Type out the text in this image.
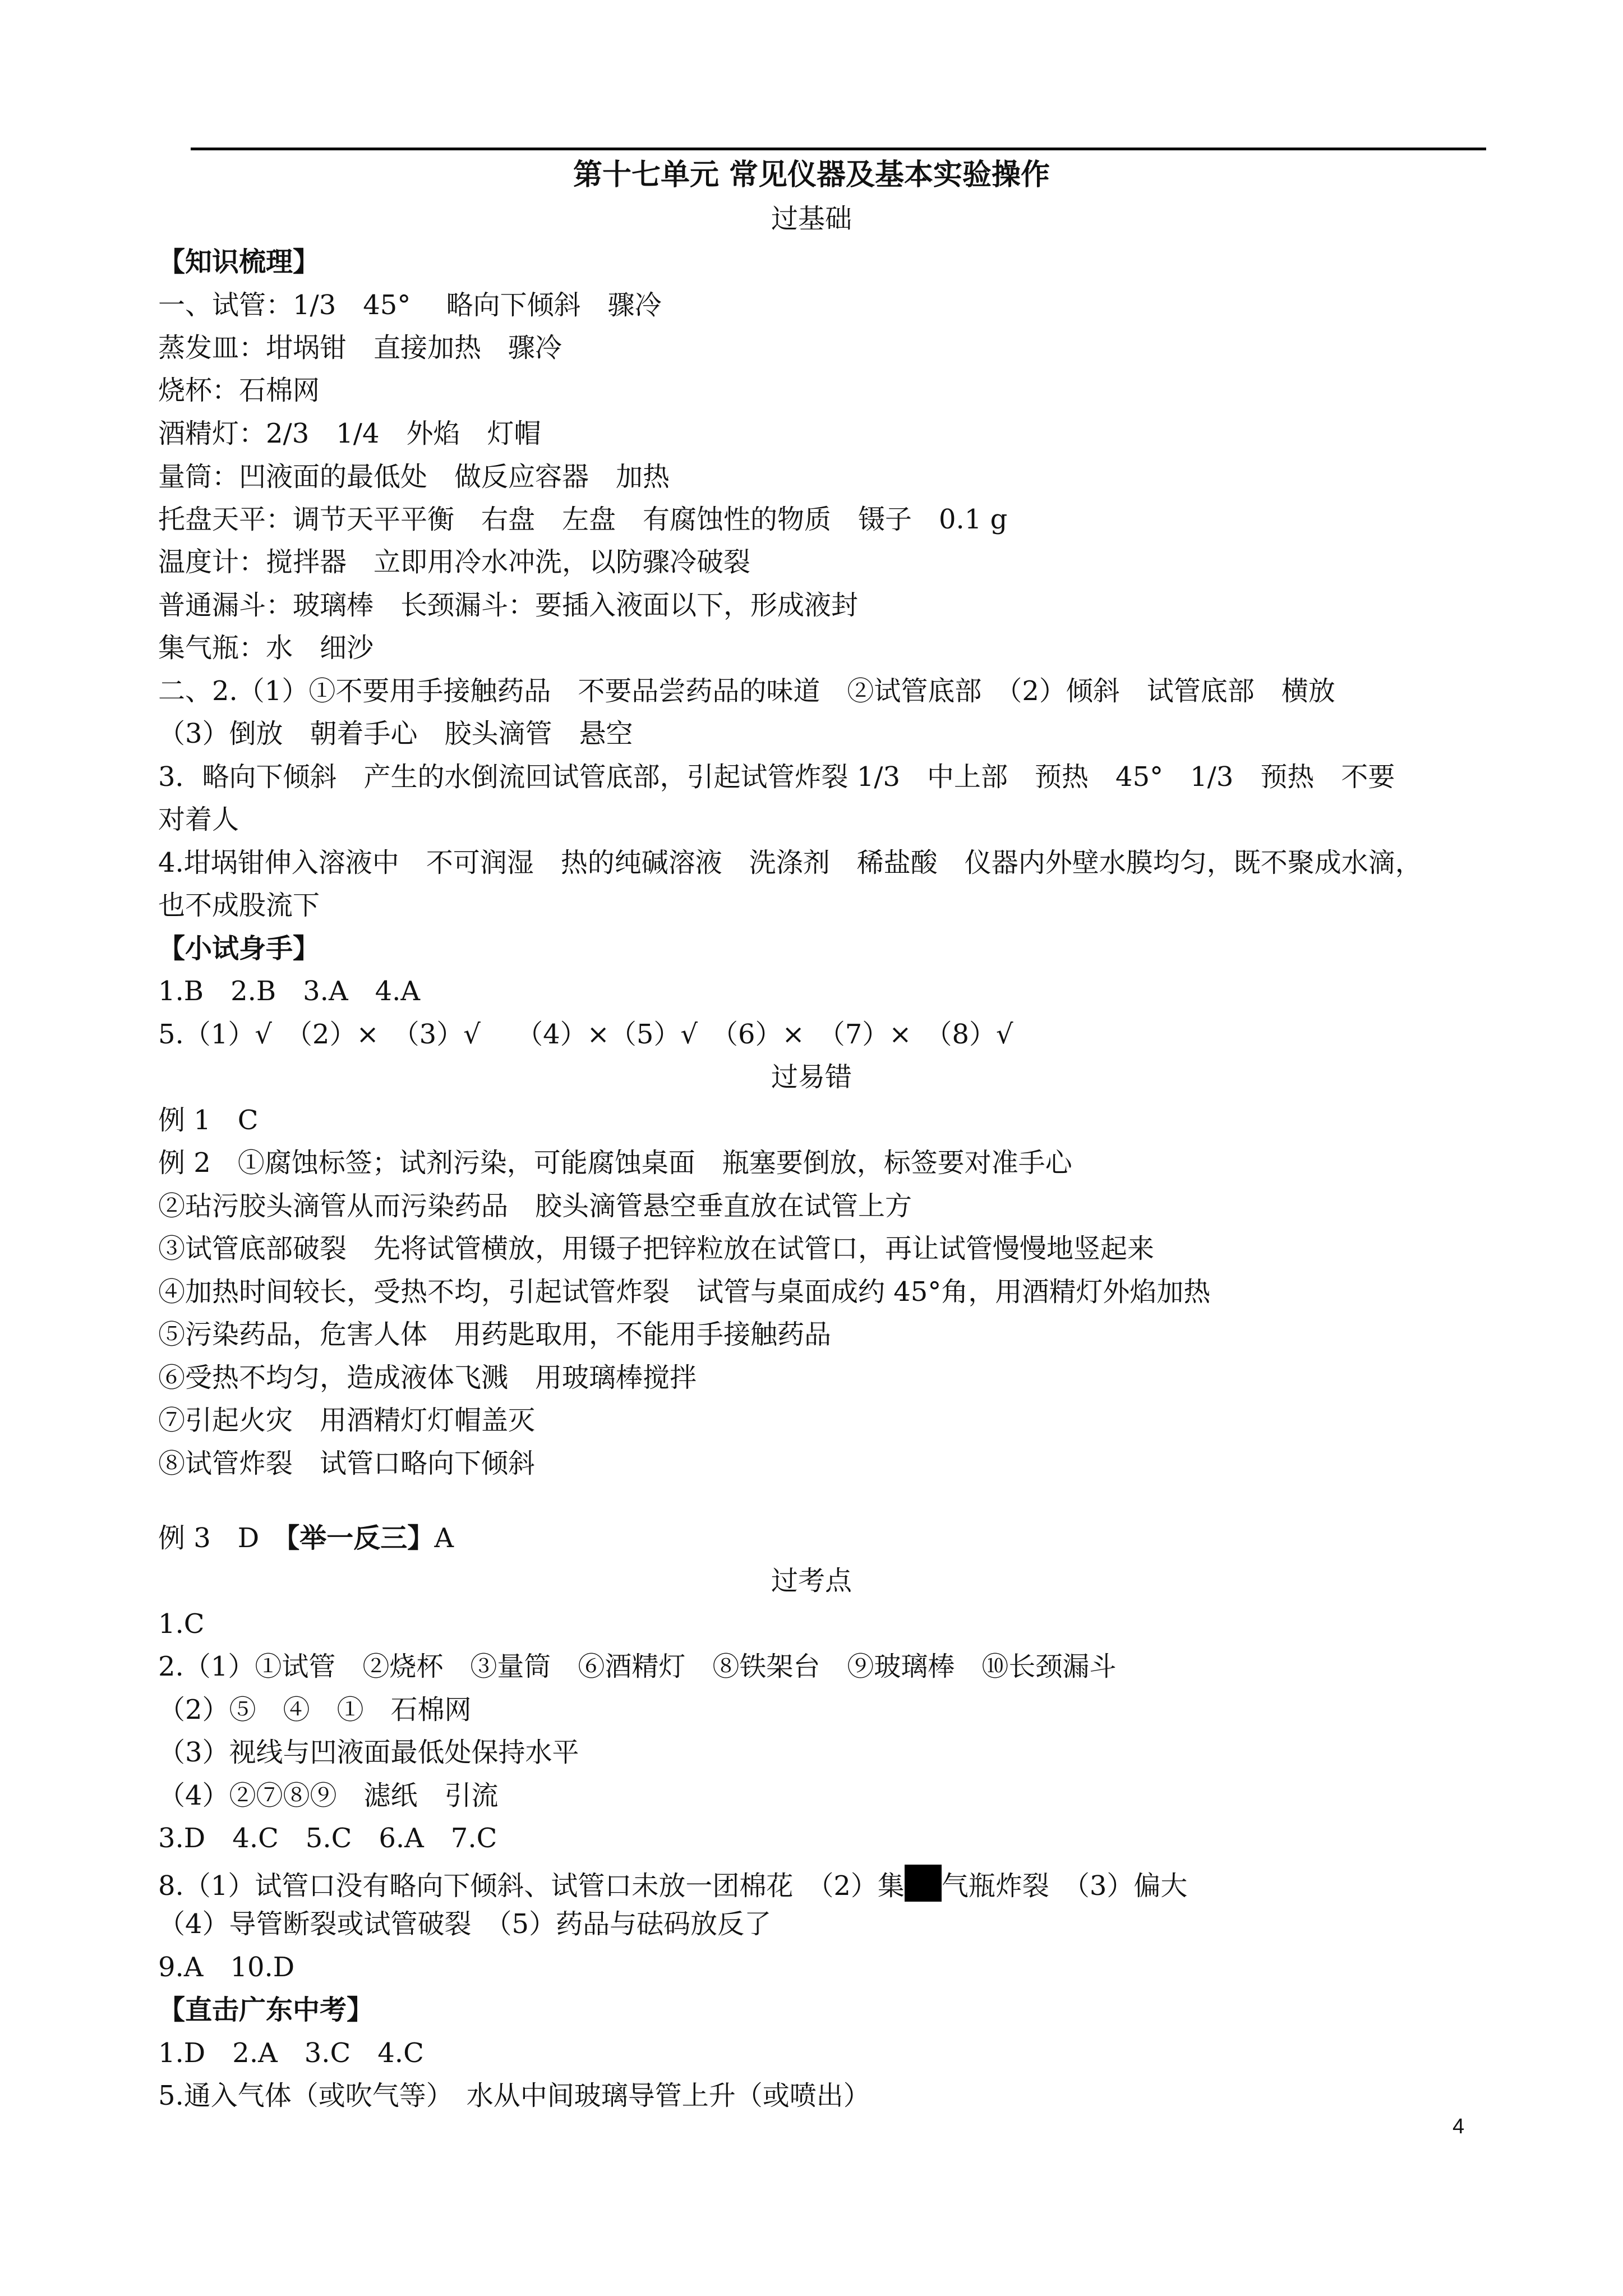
第十七单元 常见仪器及基本实验操作
过基础
【知识梳理】
一、试管：1/3　45°　 略向下倾斜　骤冷
蒸发皿：坩埚钳　直接加热　骤冷
烧杯：石棉网
酒精灯：2/3　1/4　外焰　灯帽
量筒：凹液面的最低处　做反应容器　加热
托盘天平：调节天平平衡　右盘　左盘　有腐蚀性的物质　镊子　0.1 g
温度计：搅拌器　立即用冷水冲洗，以防骤冷破裂
普通漏斗：玻璃棒　长颈漏斗：要插入液面以下，形成液封
集气瓶：水　细沙
二、2.（1）①不要用手接触药品　不要品尝药品的味道　②试管底部　（2）倾斜　试管底部　横放
（3）倒放　朝着手心　胶头滴管　悬空
3．略向下倾斜　产生的水倒流回试管底部，引起试管炸裂 1/3　中上部　预热　45°　1/3　预热　不要
对着人
4.坩埚钳伸入溶液中　不可润湿　热的纯碱溶液　洗涤剂　稀盐酸　仪器内外壁水膜均匀，既不聚成水滴，
也不成股流下
【小试身手】
1.B　2.B　3.A　4.A
5.（1）√　（2）×　（3）√　 （4）×（5）√　（6）×　（7）×　（8）√
过易错
例 1　C
例 2　①腐蚀标签；试剂污染，可能腐蚀桌面　瓶塞要倒放，标签要对准手心
②玷污胶头滴管从而污染药品　胶头滴管悬空垂直放在试管上方
③试管底部破裂　先将试管横放，用镊子把锌粒放在试管口，再让试管慢慢地竖起来
④加热时间较长，受热不均，引起试管炸裂　试管与桌面成约 45°角，用酒精灯外焰加热
⑤污染药品，危害人体　用药匙取用，不能用手接触药品
⑥受热不均匀，造成液体飞溅　用玻璃棒搅拌
⑦引起火灾　用酒精灯灯帽盖灭
⑧试管炸裂　试管口略向下倾斜
例 3　D　【举一反三】A
过考点
1.C
2.（1）①试管　②烧杯　③量筒　⑥酒精灯　⑧铁架台　⑨玻璃棒　⑩长颈漏斗
（2）⑤　④　①　石棉网
（3）视线与凹液面最低处保持水平
（4）②⑦⑧⑨　滤纸　引流
3.D　4.C　5.C　6.A　7.C
8.（1）试管口没有略向下倾斜、试管口未放一团棉花　（2）集 气瓶炸裂　（3）偏大
（4）导管断裂或试管破裂　（5）药品与砝码放反了
9.A　10.D
【直击广东中考】
1.D　2.A　3.C　4.C
5.通入气体（或吹气等）　水从中间玻璃导管上升（或喷出）
4
